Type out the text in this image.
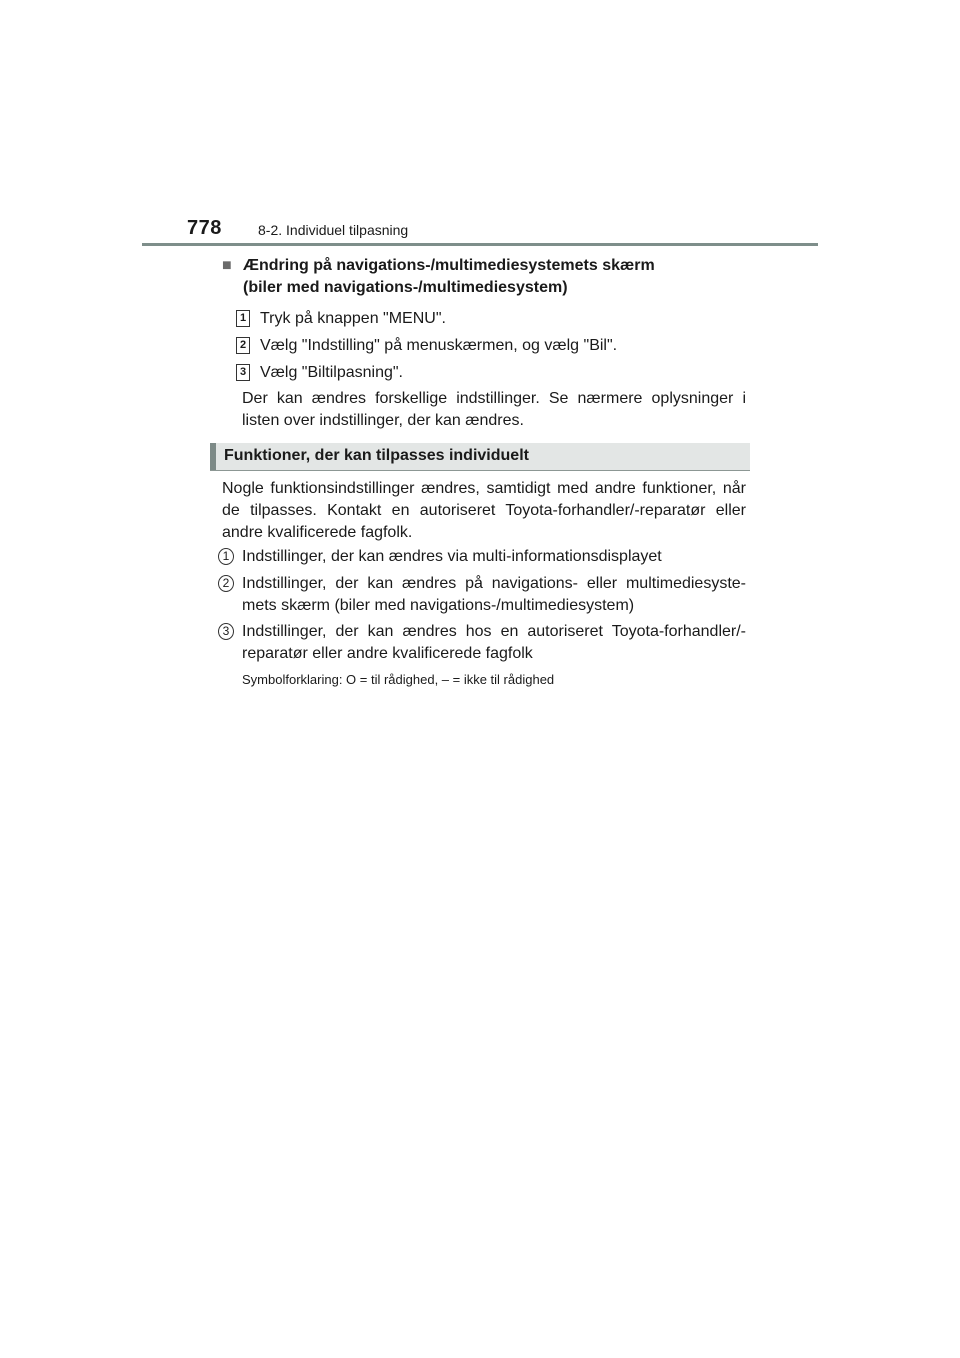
778	8-2. Individuel tilpasning
■ Ændring på navigations-/multimediesystemets skærm
(biler med navigations-/multimediesystem)
1 Tryk på knappen "MENU".
2 Vælg "Indstilling" på menuskærmen, og vælg "Bil".
3 Vælg "Biltilpasning".
Der kan ændres forskellige indstillinger. Se nærmere oplysninger i listen over indstillinger, der kan ændres.
Funktioner, der kan tilpasses individuelt
Nogle funktionsindstillinger ændres, samtidigt med andre funktioner, når de tilpasses. Kontakt en autoriseret Toyota-forhandler/-reparatør eller andre kvalificerede fagfolk.
1 Indstillinger, der kan ændres via multi-informationsdisplayet
2 Indstillinger, der kan ændres på navigations- eller multimediesyste-mets skærm (biler med navigations-/multimediesystem)
3 Indstillinger, der kan ændres hos en autoriseret Toyota-forhandler/-reparatør eller andre kvalificerede fagfolk
Symbolforklaring: O = til rådighed, – = ikke til rådighed
